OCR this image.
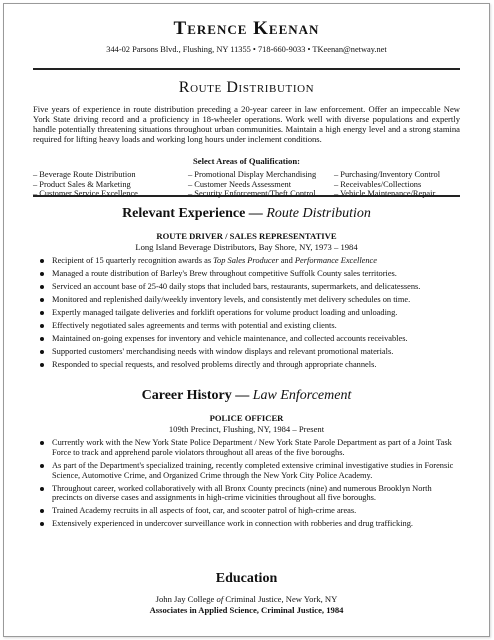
Terence Keenan
344-02 Parsons Blvd., Flushing, NY 11355 • 718-660-9033 • TKeenan@netway.net
Route Distribution
Five years of experience in route distribution preceding a 20-year career in law enforcement. Offer an impeccable New York State driving record and a proficiency in 18-wheeler operations. Work well with diverse populations and expertly handle potentially threatening situations throughout urban communities. Maintain a high energy level and a strong stamina required for lifting heavy loads and working long hours under inclement conditions.
Select Areas of Qualification:
– Beverage Route Distribution
– Product Sales & Marketing
– Customer Service Excellence
– Promotional Display Merchandising
– Customer Needs Assessment
– Security Enforcement/Theft Control
– Purchasing/Inventory Control
– Receivables/Collections
– Vehicle Maintenance/Repair
Relevant Experience — Route Distribution
ROUTE DRIVER / SALES REPRESENTATIVE
Long Island Beverage Distributors, Bay Shore, NY, 1973 – 1984
Recipient of 15 quarterly recognition awards as Top Sales Producer and Performance Excellence
Managed a route distribution of Barley's Brew throughout competitive Suffolk County sales territories.
Serviced an account base of 25-40 daily stops that included bars, restaurants, supermarkets, and delicatessens.
Monitored and replenished daily/weekly inventory levels, and consistently met delivery schedules on time.
Expertly managed tailgate deliveries and forklift operations for volume product loading and unloading.
Effectively negotiated sales agreements and terms with potential and existing clients.
Maintained on-going expenses for inventory and vehicle maintenance, and collected accounts receivables.
Supported customers' merchandising needs with window displays and relevant promotional materials.
Responded to special requests, and resolved problems directly and through appropriate channels.
Career History — Law Enforcement
POLICE OFFICER
109th Precinct, Flushing, NY, 1984 – Present
Currently work with the New York State Police Department / New York State Parole Department as part of a Joint Task Force to track and apprehend parole violators throughout all areas of the five boroughs.
As part of the Department's specialized training, recently completed extensive criminal investigative studies in Forensic Science, Automotive Crime, and Organized Crime through the New York City Police Academy.
Throughout career, worked collaboratively with all Bronx County precincts (nine) and numerous Brooklyn North precincts on diverse cases and assignments in high-crime vicinities throughout all five boroughs.
Trained Academy recruits in all aspects of foot, car, and scooter patrol of high-crime areas.
Extensively experienced in undercover surveillance work in connection with robberies and drug trafficking.
Education
John Jay College of Criminal Justice, New York, NY
Associates in Applied Science, Criminal Justice, 1984
